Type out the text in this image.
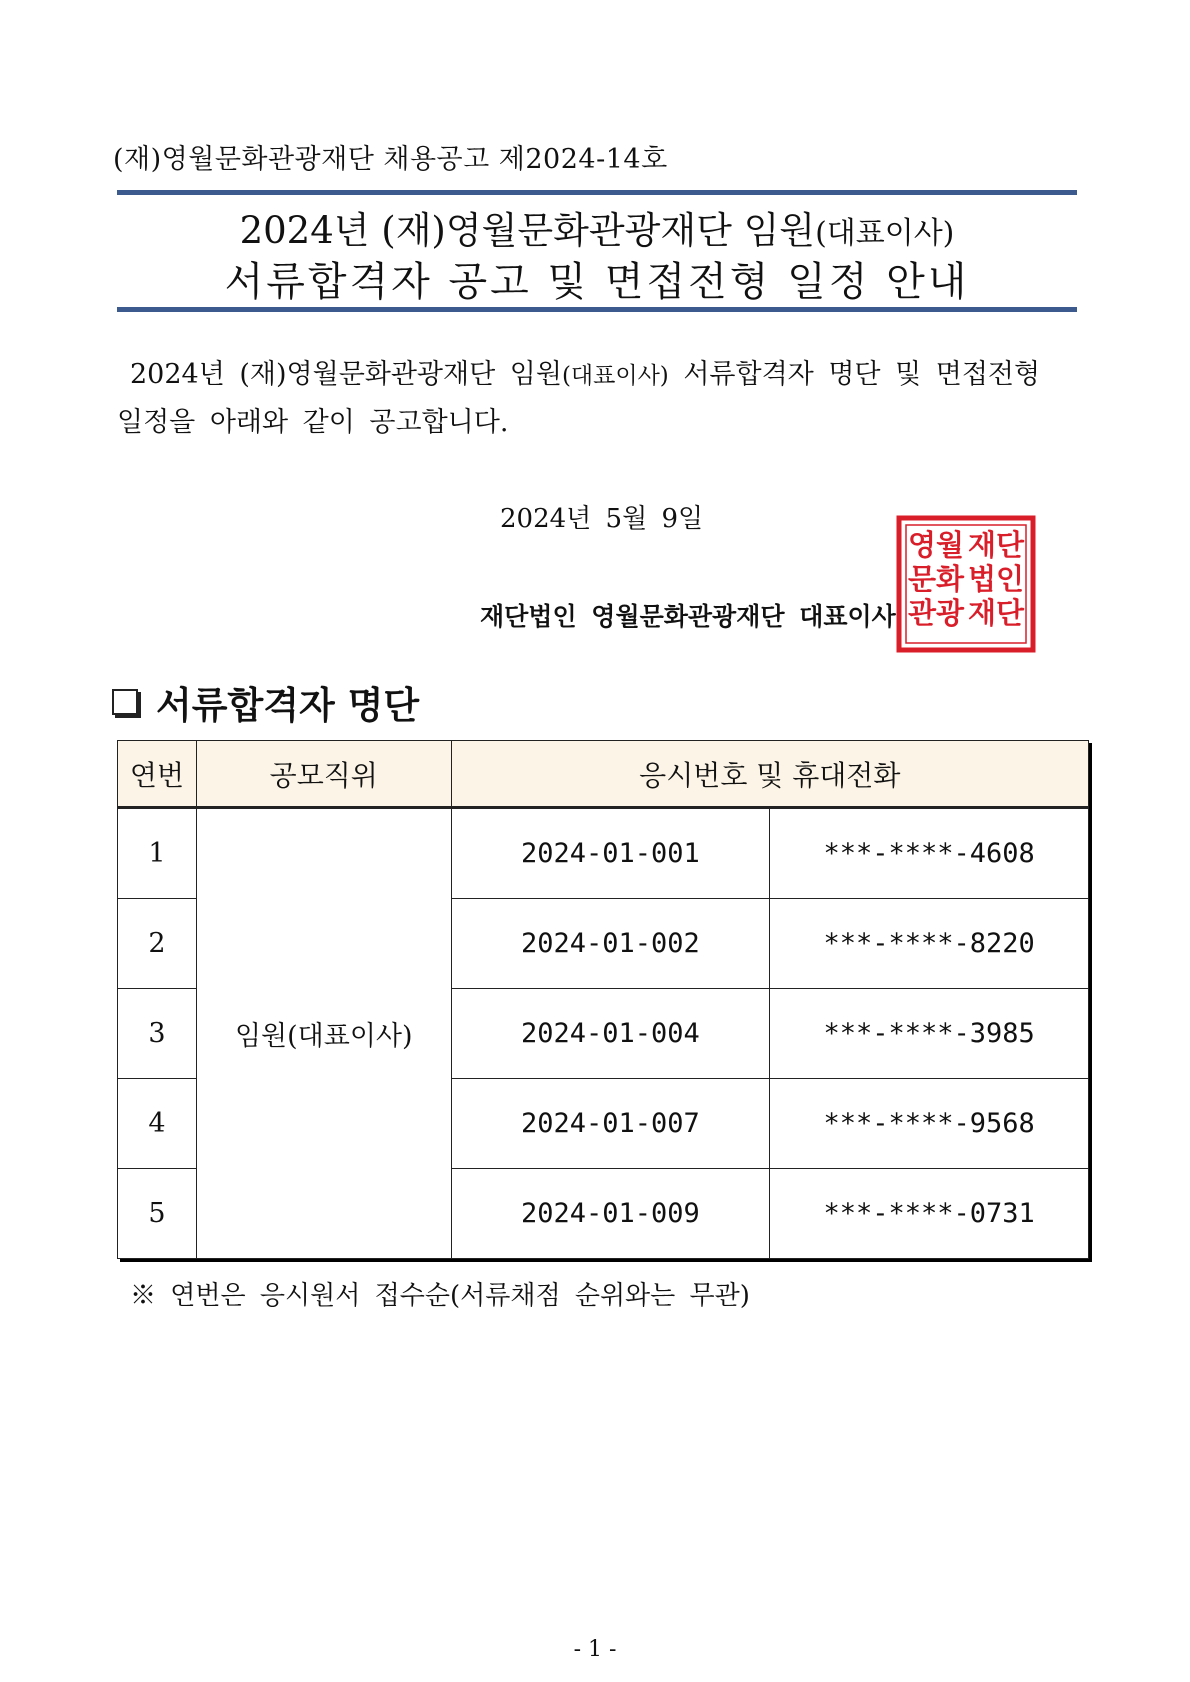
(재)영월문화관광재단 채용공고 제2024-14호
2024년 (재)영월문화관광재단 임원(대표이사)
서류합격자 공고 및 면접전형 일정 안내
2024년 (재)영월문화관광재단 임원(대표이사) 서류합격자 명단 및 면접전형
일정을 아래와 같이 공고합니다.
2024년 5월 9일
재단
법인
영월
문화
관광 재단
재단법인 영월문화관광재단 대표이사
서류합격자 명단
연번	공모직위	응시번호 및 휴대전화	
1	임원(대표이사)	2024-01-001	***-****-4608
2		2024-01-002	***-****-8220
3		2024-01-004	***-****-3985
4		2024-01-007	***-****-9568
5		2024-01-009	***-****-0731
※ 연번은 응시원서 접수순(서류채점 순위와는 무관)
- 1 -
